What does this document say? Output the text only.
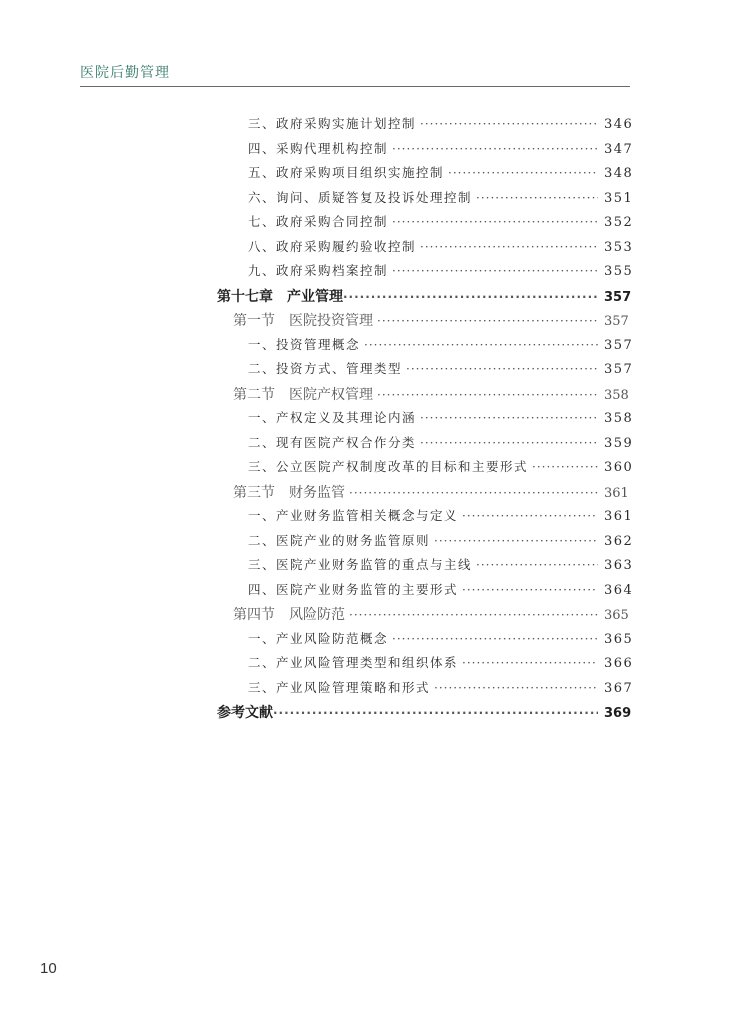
医院后勤管理
三、政府采购实施计划控制 ·····	346
四、采购代理机构控制 ·····	347
五、政府采购项目组织实施控制 ·····	348
六、询问、质疑答复及投诉处理控制 ·····	351
七、政府采购合同控制 ·····	352
八、政府采购履约验收控制 ·····	353
九、政府采购档案控制 ·····	355
第十七章　产业管理 ·····	357
第一节　医院投资管理 ·····	357
一、投资管理概念 ·····	357
二、投资方式、管理类型 ·····	357
第二节　医院产权管理 ·····	358
一、产权定义及其理论内涵 ·····	358
二、现有医院产权合作分类 ·····	359
三、公立医院产权制度改革的目标和主要形式 ·····	360
第三节　财务监管 ·····	361
一、产业财务监管相关概念与定义 ·····	361
二、医院产业的财务监管原则 ·····	362
三、医院产业财务监管的重点与主线 ·····	363
四、医院产业财务监管的主要形式 ·····	364
第四节　风险防范 ·····	365
一、产业风险防范概念 ·····	365
二、产业风险管理类型和组织体系 ·····	366
三、产业风险管理策略和形式 ·····	367
参考文献 ·····	369
10
